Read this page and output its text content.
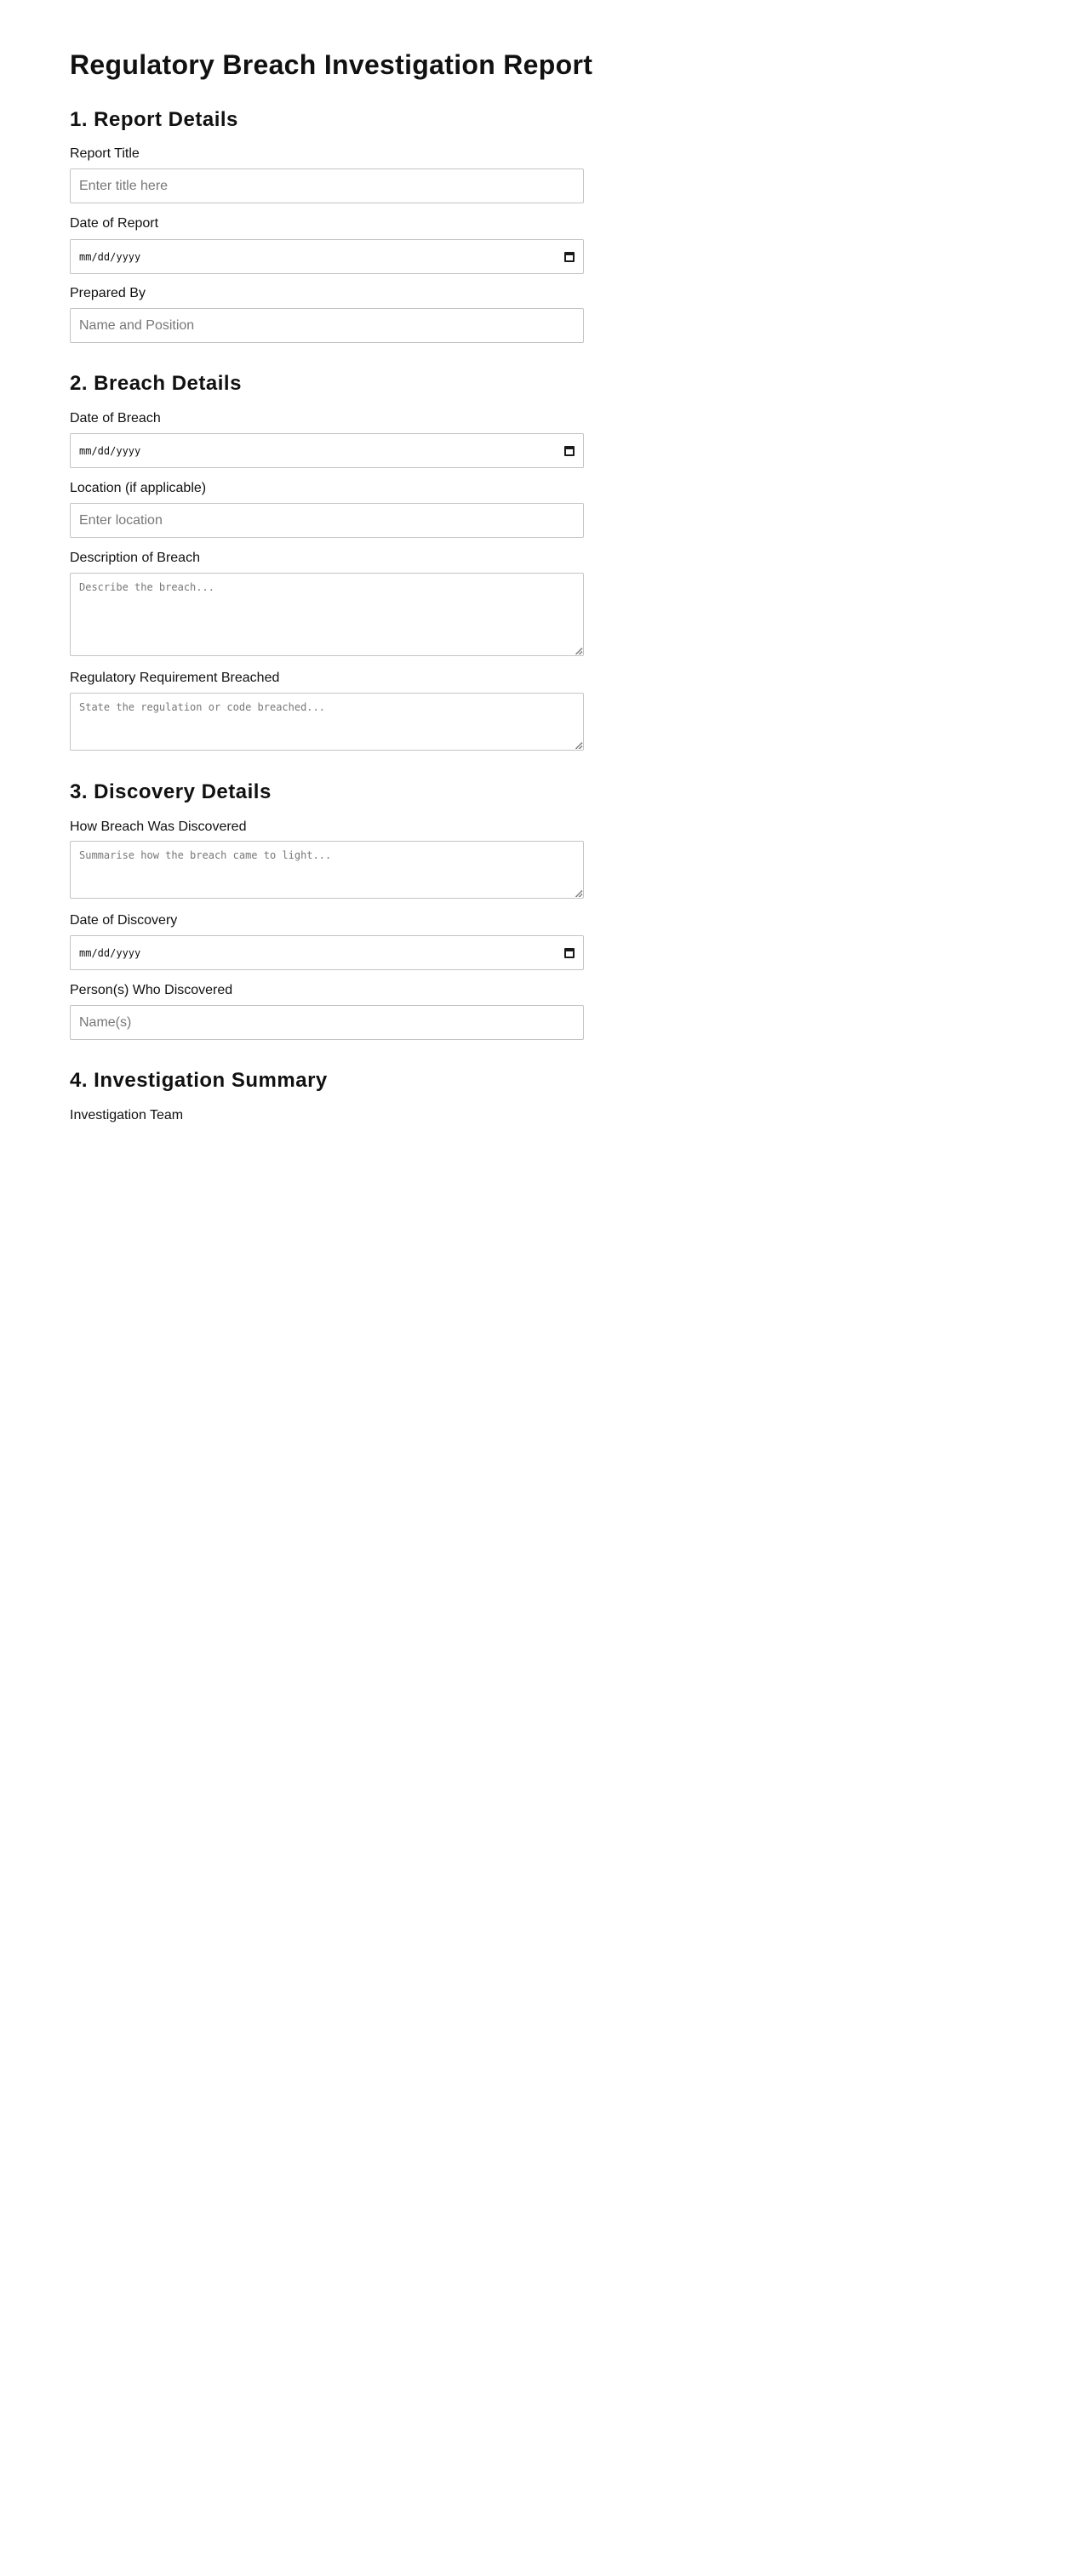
Regulatory Breach Investigation Report
1. Report Details
Report Title
Enter title here
Date of Report
mm/dd/yyyy
Prepared By
Name and Position
2. Breach Details
Date of Breach
mm/dd/yyyy
Location (if applicable)
Enter location
Description of Breach
Describe the breach...
Regulatory Requirement Breached
State the regulation or code breached...
3. Discovery Details
How Breach Was Discovered
Summarise how the breach came to light...
Date of Discovery
mm/dd/yyyy
Person(s) Who Discovered
Name(s)
4. Investigation Summary
Investigation Team
